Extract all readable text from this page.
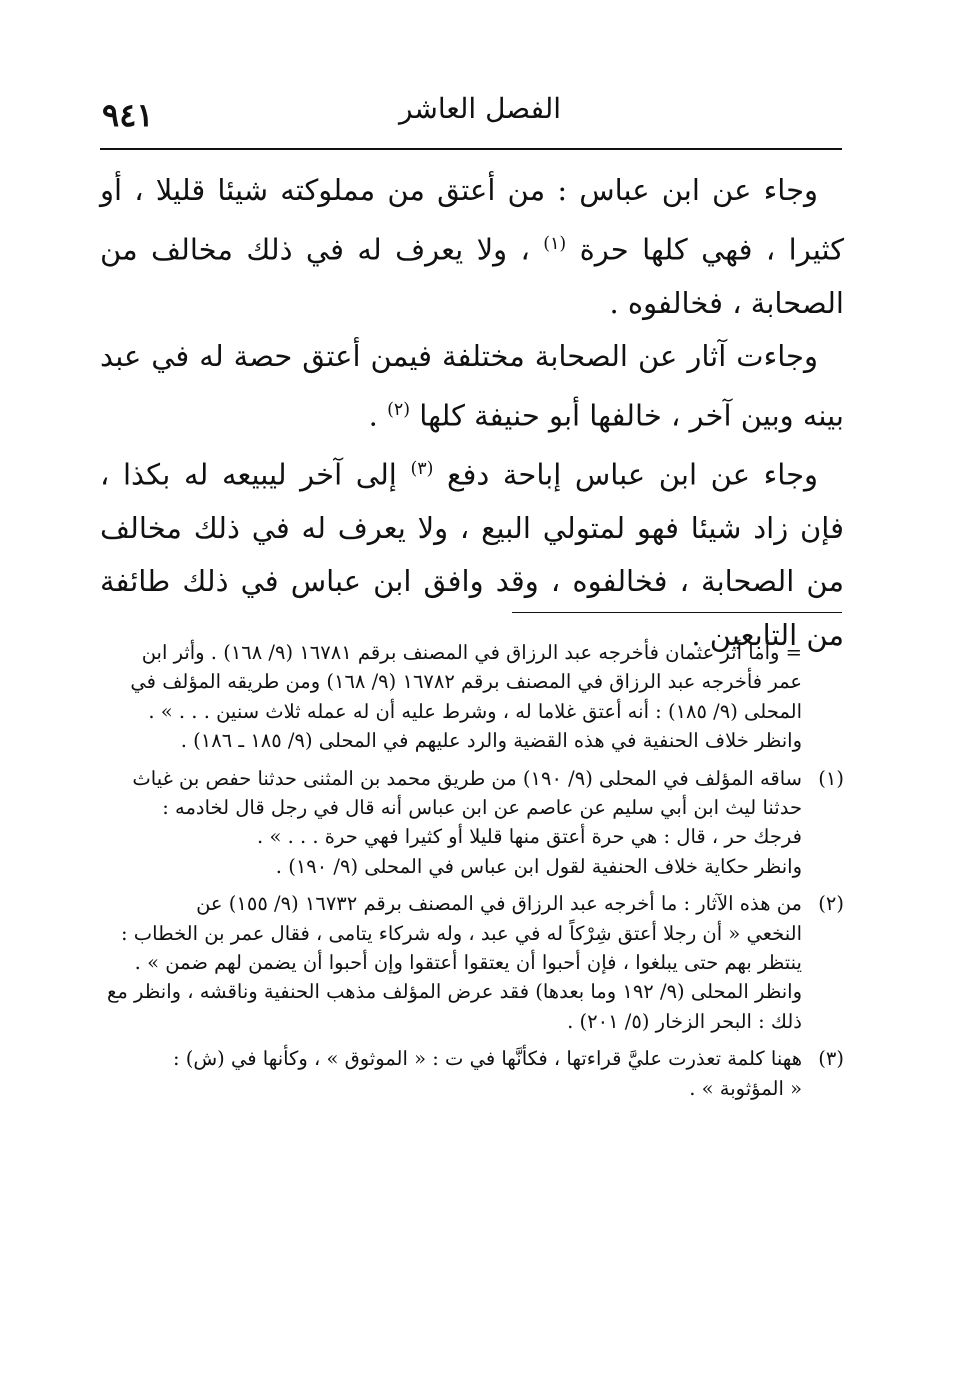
٩٤١	الفصل العاشر

وجاء عن ابن عباس : من أعتق من مملوكته شيئا قليلا ، أو كثيرا ، فهي كلها حرة $^{(١)}$ ، ولا يعرف له في ذلك مخالف من الصحابة ، فخالفوه .

وجاءت آثار عن الصحابة مختلفة فيمن أعتق حصة له في عبد بينه وبين آخر ، خالفها أبو حنيفة كلها $^{(٢)}$ .

وجاء عن ابن عباس إباحة دفع $^{(٣)}$ إلى آخر ليبيعه له بكذا ، فإن زاد شيئا فهو لمتولي البيع ، ولا يعرف له في ذلك مخالف من الصحابة ، فخالفوه ، وقد وافق ابن عباس في ذلك طائفة من التابعين .

= وأما أثر عثمان فأخرجه عبد الرزاق في المصنف برقم ١٦٧٨١ (٩/ ١٦٨) . وأثر ابن
عمر فأخرجه عبد الرزاق في المصنف برقم ١٦٧٨٢ (٩/ ١٦٨) ومن طريقه المؤلف في
المحلى (٩/ ١٨٥) : أنه أعتق غلاما له ، وشرط عليه أن له عمله ثلاث سنين . . . » .
وانظر خلاف الحنفية في هذه القضية والرد عليهم في المحلى (٩/ ١٨٥ ـ ١٨٦) .
(١)
ساقه المؤلف في المحلى (٩/ ١٩٠) من طريق محمد بن المثنى حدثنا حفص بن غياث
حدثنا ليث ابن أبي سليم عن عاصم عن ابن عباس أنه قال في رجل قال لخادمه :
فرجك حر ، قال : هي حرة أعتق منها قليلا أو كثيرا فهي حرة . . . » .
وانظر حكاية خلاف الحنفية لقول ابن عباس في المحلى (٩/ ١٩٠) .
(٢)
من هذه الآثار : ما أخرجه عبد الرزاق في المصنف برقم ١٦٧٣٢ (٩/ ١٥٥) عن
النخعي « أن رجلا أعتق شِرْكاً له في عبد ، وله شركاء يتامى ، فقال عمر بن الخطاب :
ينتظر بهم حتى يبلغوا ، فإن أحبوا أن يعتقوا أعتقوا وإن أحبوا أن يضمن لهم ضمن » .
وانظر المحلى (٩/ ١٩٢ وما بعدها) فقد عرض المؤلف مذهب الحنفية وناقشه ، وانظر مع
ذلك : البحر الزخار (٥/ ٢٠١) .
(٣)
ههنا كلمة تعذرت عليَّ قراءتها ، فكأنَّها في ت : « الموثوق » ، وكأنها في (ش) :
« المؤثوبة » .
